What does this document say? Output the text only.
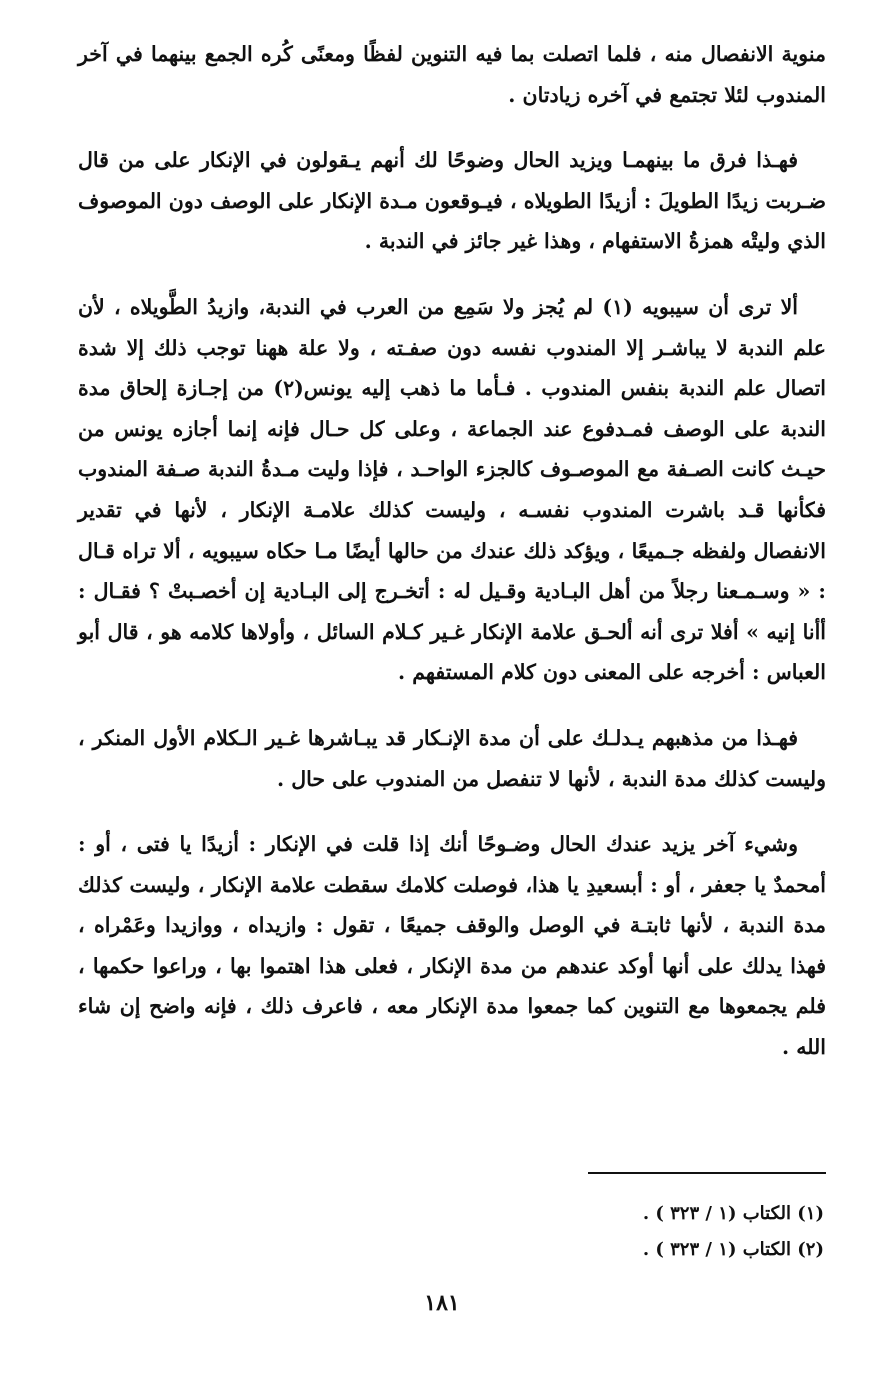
منوية الانفصال منه ، فلما اتصلت بما فيه التنوين لفظًا ومعنًى كُره الجمع بينهما في آخر المندوب لئلا تجتمع في آخره زيادتان .

فهـذا فرق ما بينهمـا ويزيد الحال وضوحًا لك أنهم يـقولون في الإنكار على من قال ضـربت زيدًا الطويلَ : أزيدًا الطويلاه ، فيـوقعون مـدة الإنكار على الوصف دون الموصوف الذي وليتْه همزةُ الاستفهام ، وهذا غير جائز في الندبة .

ألا ترى أن سيبويه (١) لم يُجز ولا سَمِع من العرب في الندبة، وازيدُ الطَّويلاه ، لأن علم الندبة لا يباشـر إلا المندوب نفسه دون صفـته ، ولا علة ههنا توجب ذلك إلا شدة اتصال علم الندبة بنفس المندوب . فـأما ما ذهب إليه يونس(٢) من إجـازة إلحاق مدة الندبة على الوصف فمـدفوع عند الجماعة ، وعلى كل حـال فإنه إنما أجازه يونس من حيـث كانت الصـفة مع الموصـوف كالجزء الواحـد ، فإذا وليت مـدةُ الندبة صـفة المندوب فكأنها قـد باشرت المندوب نفسـه ، وليست كذلك علامـة الإنكار ، لأنها في تقدير الانفصال ولفظه جـميعًا ، ويؤكد ذلك عندك من حالها أيضًا مـا حكاه سيبويه ، ألا تراه قـال : « وسـمـعنا رجلاً من أهل البـادية وقـيل له : أتخـرج إلى البـادية إن أخصـبتْ ؟ فقـال : أأنا إنيه » أفلا ترى أنه ألحـق علامة الإنكار غـير كـلام السائل ، وأولاها كلامه هو ، قال أبو العباس : أخرجه على المعنى دون كلام المستفهم .

فهـذا من مذهبهم يـدلـك على أن مدة الإنـكار قد يبـاشرها غـير الـكلام الأول المنكر ، وليست كذلك مدة الندبة ، لأنها لا تنفصل من المندوب على حال .

وشيء آخر يزيد عندك الحال وضـوحًا أنك إذا قلت في الإنكار : أزيدًا يا فتى ، أو : أمحمدٌ يا جعفر ، أو : أبسعيدِ يا هذا، فوصلت كلامك سقطت علامة الإنكار ، وليست كذلك مدة الندبة ، لأنها ثابتـة في الوصل والوقف جميعًا ، تقول : وازيداه ، ووازيدا وعَمْراه ، فهذا يدلك على أنها أوكد عندهم من مدة الإنكار ، فعلى هذا اهتموا بها ، وراعوا حكمها ، فلم يجمعوها مع التنوين كما جمعوا مدة الإنكار معه ، فاعرف ذلك ، فإنه واضح إن شاء الله .

(١) الكتاب (١ / ٣٢٣ ) .

(٢) الكتاب (١ / ٣٢٣ ) .

١٨١
